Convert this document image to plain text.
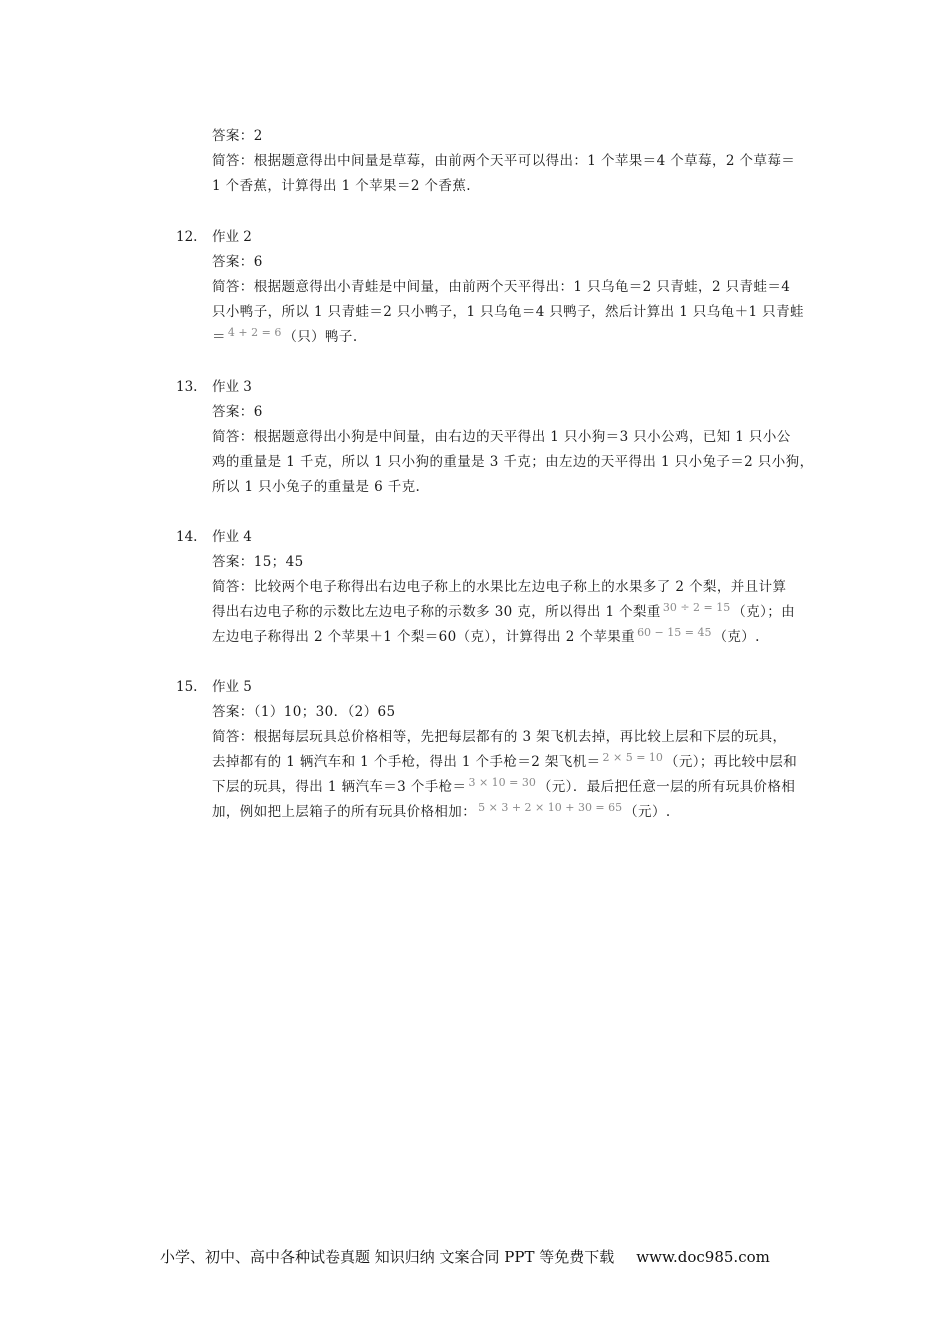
答案：2
简答：根据题意得出中间量是草莓，由前两个天平可以得出：1 个苹果＝4 个草莓，2 个草莓＝
1 个香蕉，计算得出 1 个苹果＝2 个香蕉.
12. 作业 2
答案：6
简答：根据题意得出小青蛙是中间量，由前两个天平得出：1 只乌龟＝2 只青蛙，2 只青蛙＝4
只小鸭子，所以 1 只青蛙＝2 只小鸭子，1 只乌龟＝4 只鸭子，然后计算出 1 只乌龟＋1 只青蛙
＝ $^{4 + 2 = 6}$ （只）鸭子.
13. 作业 3
答案：6
简答：根据题意得出小狗是中间量，由右边的天平得出 1 只小狗＝3 只小公鸡，已知 1 只小公
鸡的重量是 1 千克，所以 1 只小狗的重量是 3 千克；由左边的天平得出 1 只小兔子＝2 只小狗，
所以 1 只小兔子的重量是 6 千克.
14. 作业 4
答案：15；45
简答：比较两个电子称得出右边电子称上的水果比左边电子称上的水果多了 2 个梨，并且计算
得出右边电子称的示数比左边电子称的示数多 30 克，所以得出 1 个梨重 $^{30 \div 2 = 15}$ （克）；由
左边电子称得出 2 个苹果＋1 个梨＝60（克），计算得出 2 个苹果重 $^{60 - 15 = 45}$ （克）.
15. 作业 5
答案：（1）10；30．（2）65
简答：根据每层玩具总价格相等，先把每层都有的 3 架飞机去掉，再比较上层和下层的玩具，
去掉都有的 1 辆汽车和 1 个手枪，得出 1 个手枪＝2 架飞机＝ $^{2 \times 5 = 10}$ （元）；再比较中层和
下层的玩具，得出 1 辆汽车＝3 个手枪＝ $^{3 \times 10 = 30}$ （元）．最后把任意一层的所有玩具价格相
加，例如把上层箱子的所有玩具价格相加： $^{5 \times 3 + 2 \times 10 + 30 = 65}$ （元）.
小学、初中、高中各种试卷真题 知识归纳 文案合同 PPT 等免费下载 www.doc985.com
